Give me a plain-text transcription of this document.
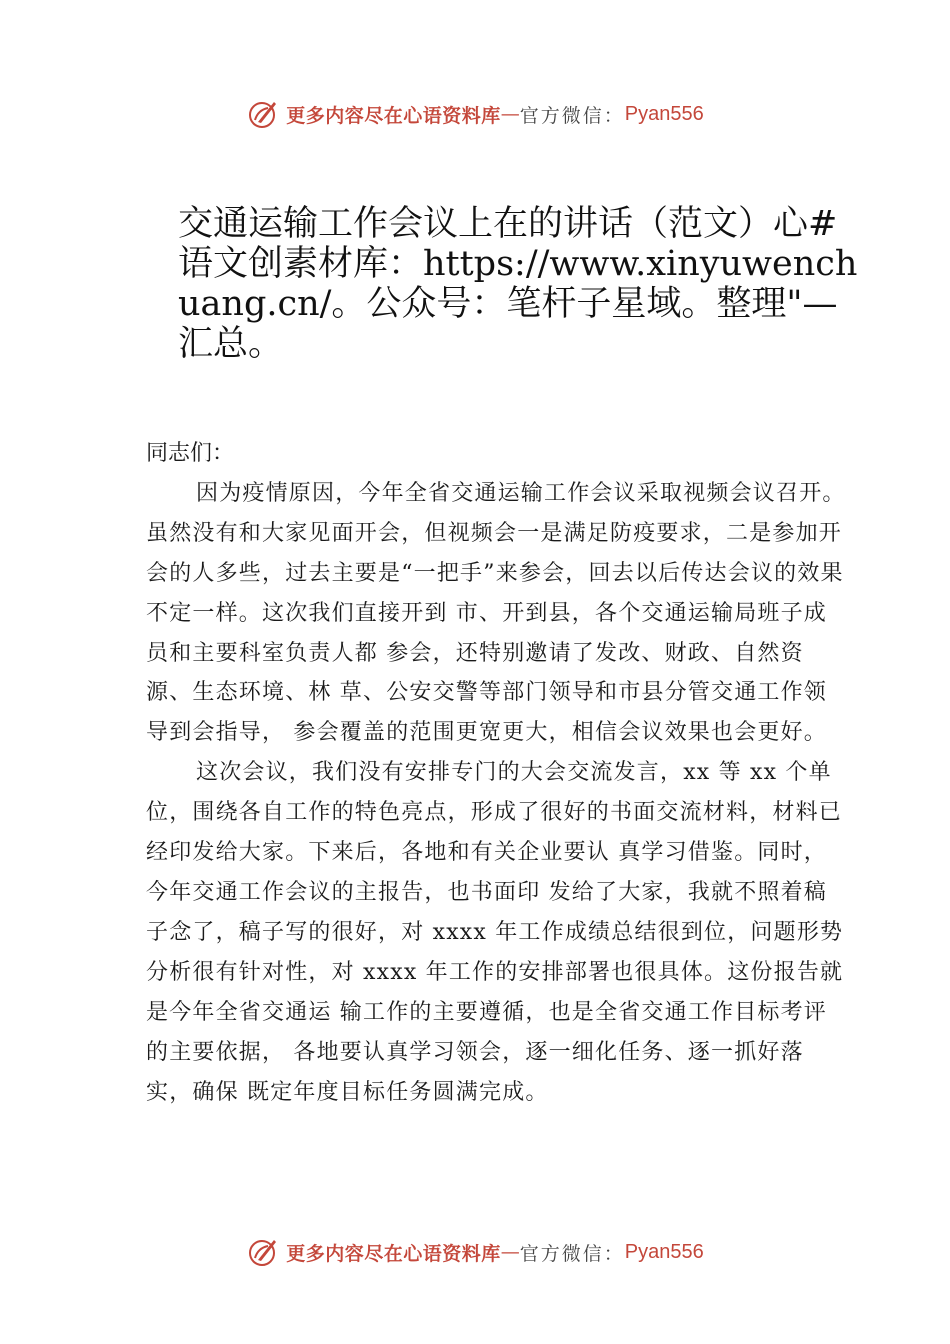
更多内容尽在心语资料库 — 官方微信： Pyan556
交通运输工作会议上在的讲话（范文）心#语文创素材库：https://www.xinyuwenchuang.cn/。公众号：笔杆子星域。整理"—汇总。

同志们：

因为疫情原因，今年全省交通运输工作会议采取视频会议召开。虽然没有和大家见面开会，但视频会一是满足防疫要求，二是参加开会的人多些，过去主要是“一把手”来参会，回去以后传达会议的效果不定一样。这次我们直接开到 市、开到县，各个交通运输局班子成员和主要科室负责人都 参会，还特别邀请了发改、财政、自然资源、生态环境、林 草、公安交警等部门领导和市县分管交通工作领导到会指导， 参会覆盖的范围更宽更大，相信会议效果也会更好。

这次会议，我们没有安排专门的大会交流发言，xx 等 xx 个单位，围绕各自工作的特色亮点，形成了很好的书面交流材料，材料已经印发给大家。下来后，各地和有关企业要认 真学习借鉴。同时，今年交通工作会议的主报告，也书面印 发给了大家，我就不照着稿子念了，稿子写的很好，对 xxxx 年工作成绩总结很到位，问题形势分析很有针对性，对 xxxx 年工作的安排部署也很具体。这份报告就是今年全省交通运 输工作的主要遵循，也是全省交通工作目标考评的主要依据， 各地要认真学习领会，逐一细化任务、逐一抓好落实，确保 既定年度目标任务圆满完成。

更多内容尽在心语资料库 — 官方微信： Pyan556
